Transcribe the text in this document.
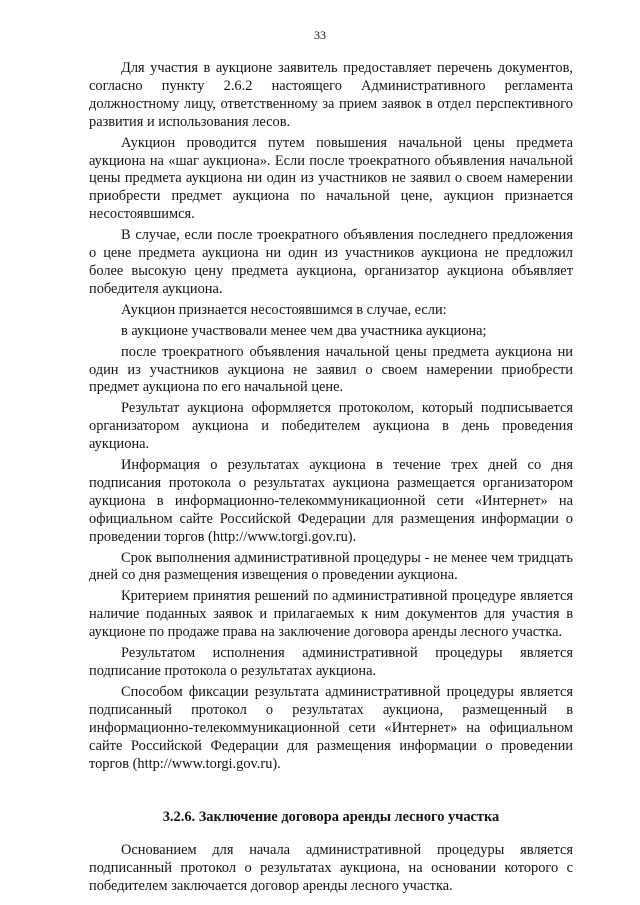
33

Для участия в аукционе заявитель предоставляет перечень документов, согласно пункту 2.6.2 настоящего Административного регламента должностному лицу, ответственному за прием заявок в отдел перспективного развития и использования лесов.

Аукцион проводится путем повышения начальной цены предмета аукциона на «шаг аукциона». Если после троекратного объявления начальной цены предмета аукциона ни один из участников не заявил о своем намерении приобрести предмет аукциона по начальной цене, аукцион признается несостоявшимся.

В случае, если после троекратного объявления последнего предложения о цене предмета аукциона ни один из участников аукциона не предложил более высокую цену предмета аукциона, организатор аукциона объявляет победителя аукциона.

Аукцион признается несостоявшимся в случае, если:

в аукционе участвовали менее чем два участника аукциона;

после троекратного объявления начальной цены предмета аукциона ни один из участников аукциона не заявил о своем намерении приобрести предмет аукциона по его начальной цене.

Результат аукциона оформляется протоколом, который подписывается организатором аукциона и победителем аукциона в день проведения аукциона.

Информация о результатах аукциона в течение трех дней со дня подписания протокола о результатах аукциона размещается организатором аукциона в информационно-телекоммуникационной сети «Интернет» на официальном сайте Российской Федерации для размещения информации о проведении торгов (http://www.torgi.gov.ru).

Срок выполнения административной процедуры - не менее чем тридцать дней со дня размещения извещения о проведении аукциона.

Критерием принятия решений по административной процедуре является наличие поданных заявок и прилагаемых к ним документов для участия в аукционе по продаже права на заключение договора аренды лесного участка.

Результатом исполнения административной процедуры является подписание протокола о результатах аукциона.

Способом фиксации результата административной процедуры является подписанный протокол о результатах аукциона, размещенный в информационно-телекоммуникационной сети «Интернет» на официальном сайте Российской Федерации для размещения информации о проведении торгов (http://www.torgi.gov.ru).

3.2.6. Заключение договора аренды лесного участка

Основанием для начала административной процедуры является подписанный протокол о результатах аукциона, на основании которого с победителем заключается договор аренды лесного участка.
